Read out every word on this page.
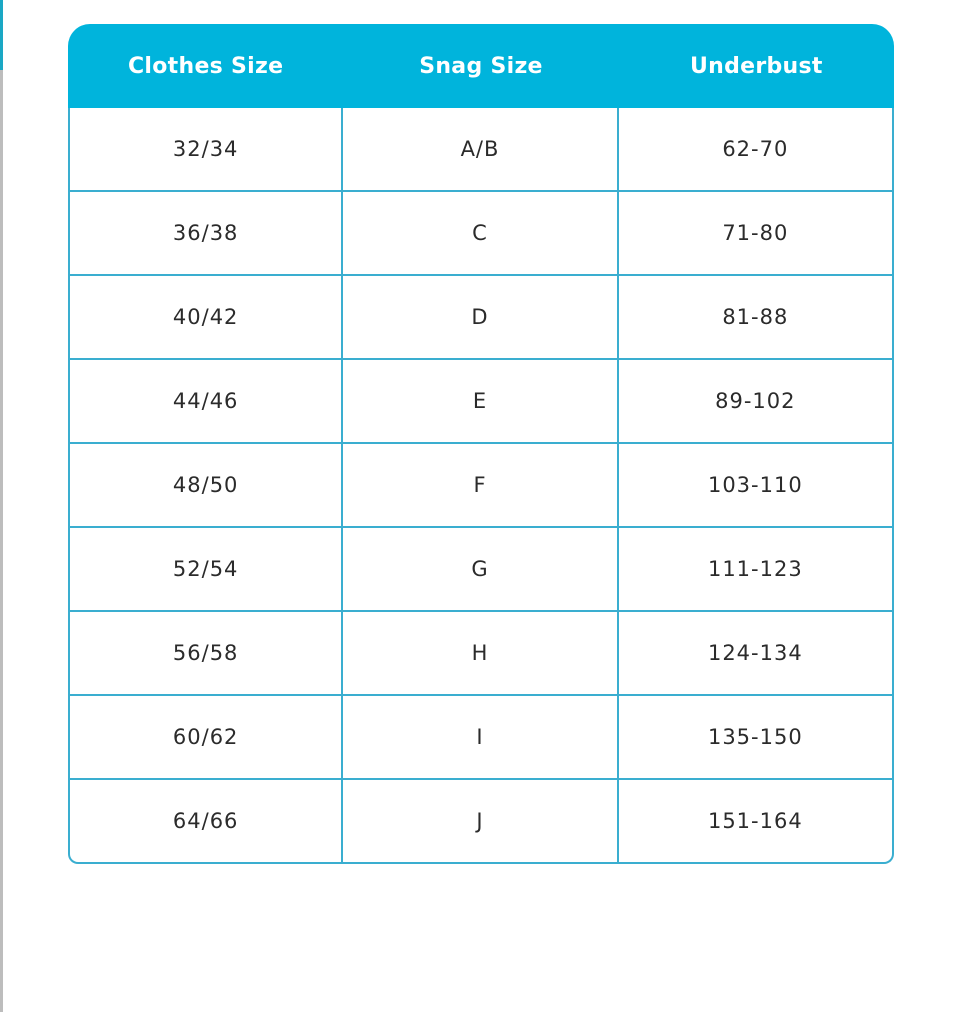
Clothes Size	Snag Size	Underbust
32/34	A/B	62-70
36/38	C	71-80
40/42	D	81-88
44/46	E	89-102
48/50	F	103-110
52/54	G	111-123
56/58	H	124-134
60/62	I	135-150
64/66	J	151-164
